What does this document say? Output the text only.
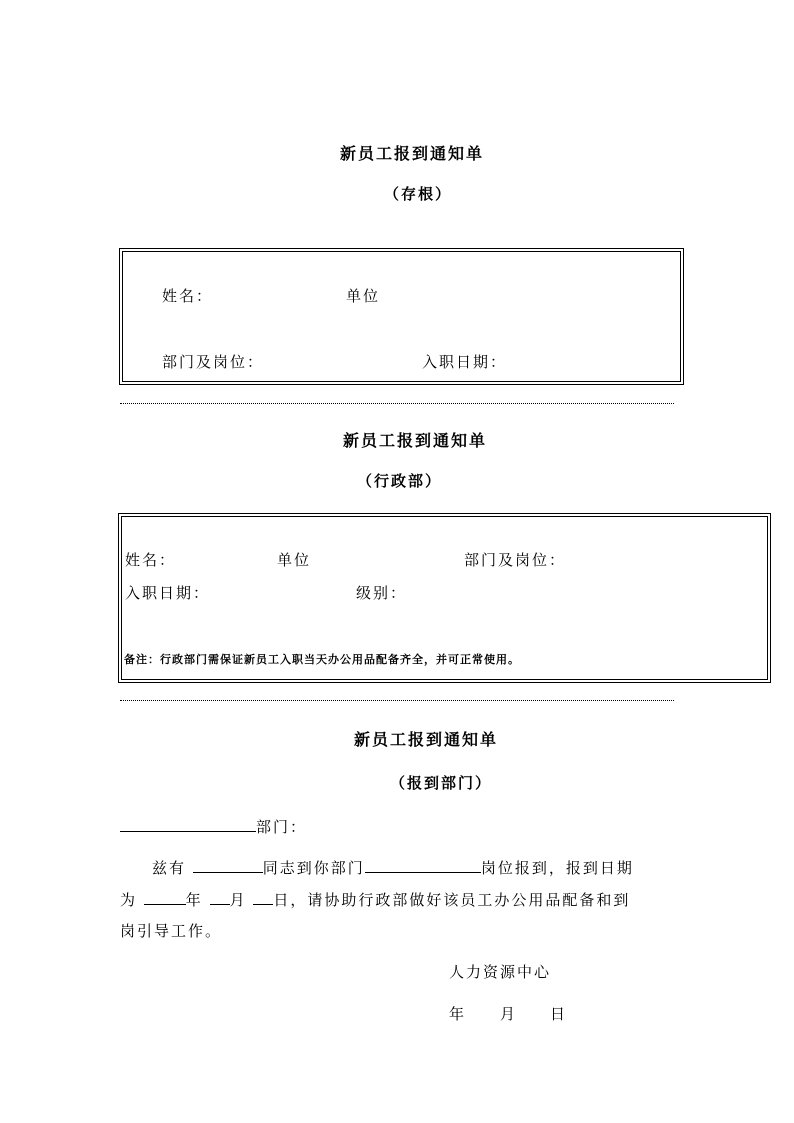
新员工报到通知单
（存根）
姓名：	单位
部门及岗位：	入职日期：
新员工报到通知单
（行政部）
姓名：	单位	部门及岗位：
入职日期：	级别：
备注：行政部门需保证新员工入职当天办公用品配备齐全，并可正常使用。
新员工报到通知单
（报到部门）
部门：
兹有	同志到你部门	岗位报到，报到日期
为	年 月 日，请协助行政部做好该员工办公用品配备和到
岗引导工作。
人力资源中心
年 月 日
